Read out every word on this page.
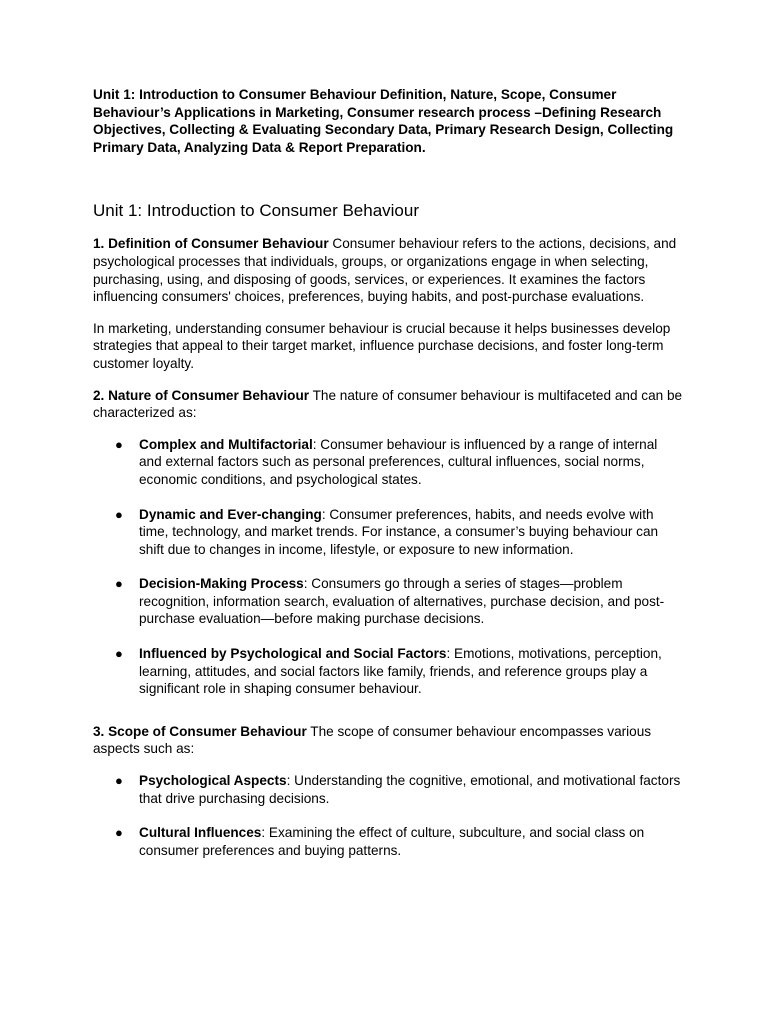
Unit 1: Introduction to Consumer Behaviour Definition, Nature, Scope, Consumer Behaviour’s Applications in Marketing, Consumer research process –Defining Research Objectives, Collecting & Evaluating Secondary Data, Primary Research Design, Collecting Primary Data, Analyzing Data & Report Preparation.

Unit 1: Introduction to Consumer Behaviour

1. Definition of Consumer Behaviour Consumer behaviour refers to the actions, decisions, and psychological processes that individuals, groups, or organizations engage in when selecting, purchasing, using, and disposing of goods, services, or experiences. It examines the factors influencing consumers' choices, preferences, buying habits, and post-purchase evaluations.

In marketing, understanding consumer behaviour is crucial because it helps businesses develop strategies that appeal to their target market, influence purchase decisions, and foster long-term customer loyalty.

2. Nature of Consumer Behaviour The nature of consumer behaviour is multifaceted and can be characterized as:

● Complex and Multifactorial: Consumer behaviour is influenced by a range of internal and external factors such as personal preferences, cultural influences, social norms, economic conditions, and psychological states.
● Dynamic and Ever-changing: Consumer preferences, habits, and needs evolve with time, technology, and market trends. For instance, a consumer’s buying behaviour can shift due to changes in income, lifestyle, or exposure to new information.
● Decision-Making Process: Consumers go through a series of stages—problem recognition, information search, evaluation of alternatives, purchase decision, and post-purchase evaluation—before making purchase decisions.
● Influenced by Psychological and Social Factors: Emotions, motivations, perception, learning, attitudes, and social factors like family, friends, and reference groups play a significant role in shaping consumer behaviour.

3. Scope of Consumer Behaviour The scope of consumer behaviour encompasses various aspects such as:

● Psychological Aspects: Understanding the cognitive, emotional, and motivational factors that drive purchasing decisions.
● Cultural Influences: Examining the effect of culture, subculture, and social class on consumer preferences and buying patterns.
